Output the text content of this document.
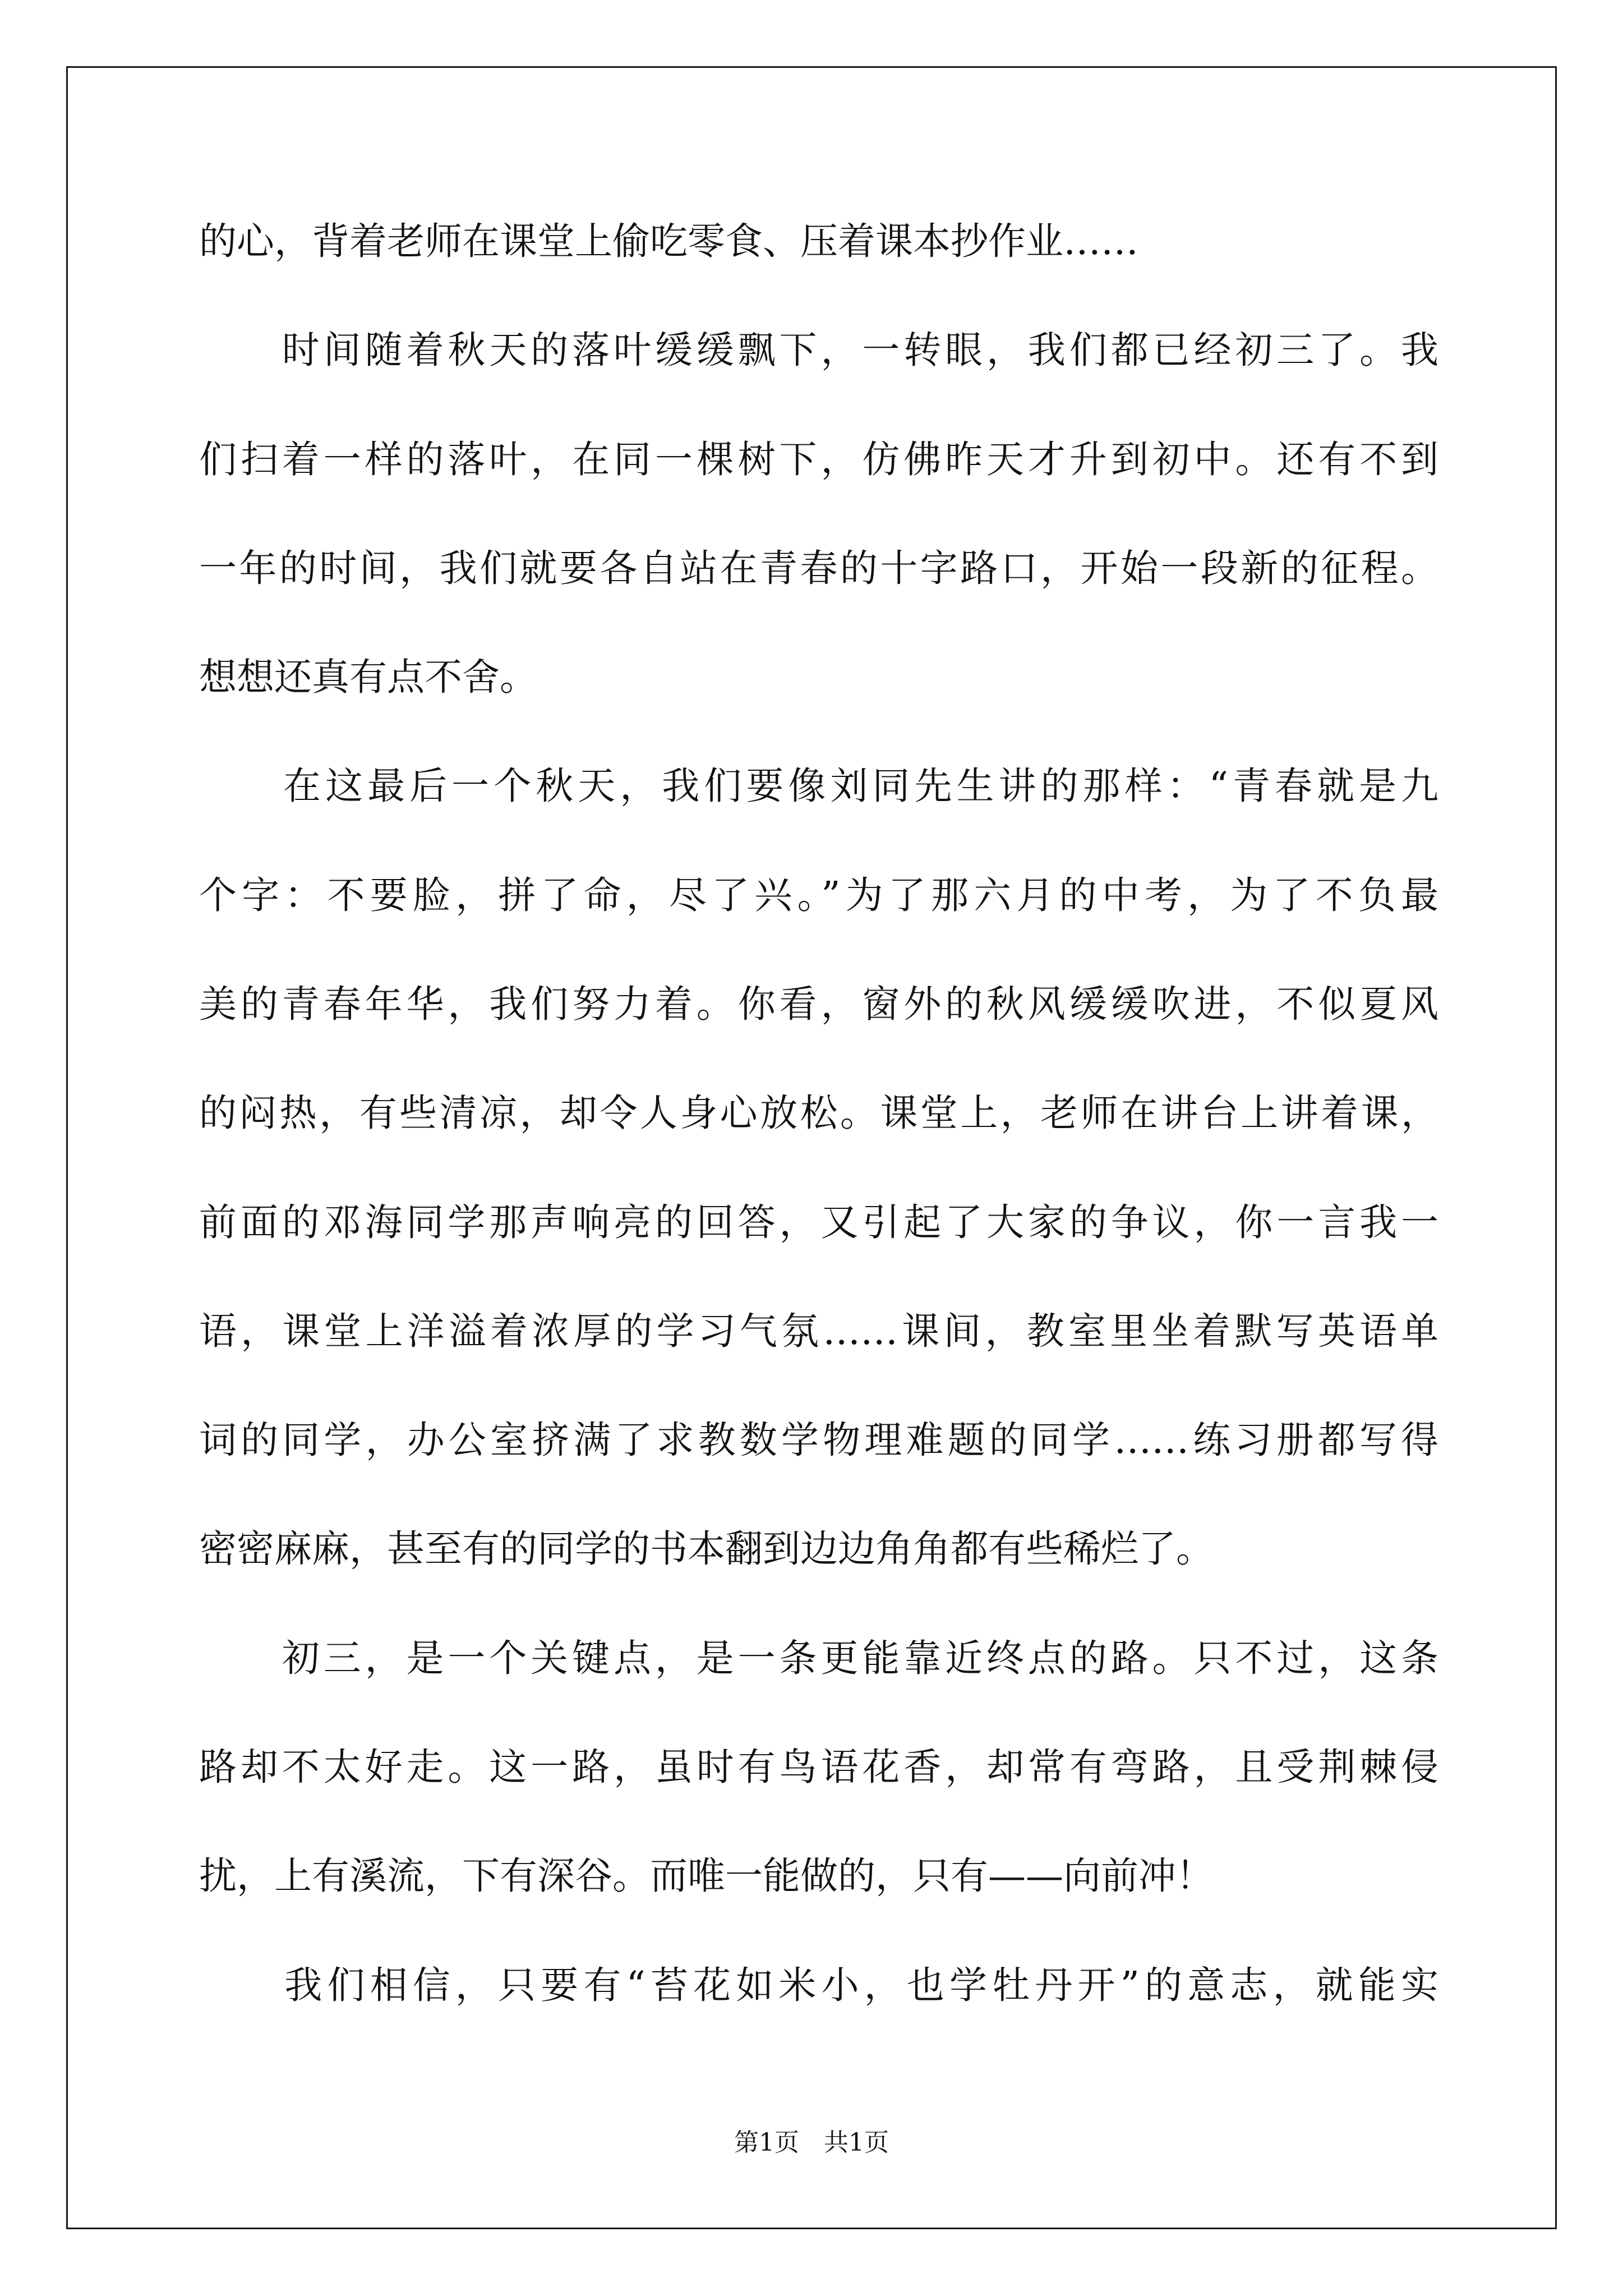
的心，背着老师在课堂上偷吃零食、压着课本抄作业……
　　时间随着秋天的落叶缓缓飘下，一转眼，我们都已经初三了。我
们扫着一样的落叶，在同一棵树下，仿佛昨天才升到初中。还有不到
一年的时间，我们就要各自站在青春的十字路口，开始一段新的征程。
想想还真有点不舍。
　　在这最后一个秋天，我们要像刘同先生讲的那样：“青春就是九
个字：不要脸，拼了命，尽了兴。”为了那六月的中考，为了不负最
美的青春年华，我们努力着。你看，窗外的秋风缓缓吹进，不似夏风
的闷热，有些清凉，却令人身心放松。课堂上，老师在讲台上讲着课，
前面的邓海同学那声响亮的回答，又引起了大家的争议，你一言我一
语，课堂上洋溢着浓厚的学习气氛……课间，教室里坐着默写英语单
词的同学，办公室挤满了求教数学物理难题的同学……练习册都写得
密密麻麻，甚至有的同学的书本翻到边边角角都有些稀烂了。
　　初三，是一个关键点，是一条更能靠近终点的路。只不过，这条
路却不太好走。这一路，虽时有鸟语花香，却常有弯路，且受荆棘侵
扰，上有溪流，下有深谷。而唯一能做的，只有——向前冲！
　　我们相信，只要有“苔花如米小，也学牡丹开”的意志，就能实
第1页 共1页
